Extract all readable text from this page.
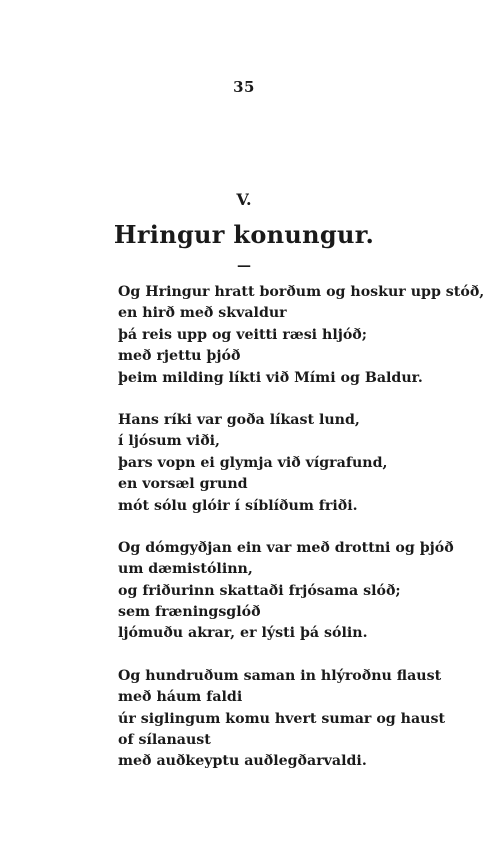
35
V.
Hringur konungur.
—
Og Hringur hratt borðum og hoskur upp stóð,
en hirð með skvaldur
þá reis upp og veitti ræsi hljóð;
með rjettu þjóð
þeim milding líkti við Mími og Baldur.
Hans ríki var goða líkast lund,
í ljósum viði,
þars vopn ei glymja við vígrafund,
en vorsæl grund
mót sólu glóir í síblíðum friði.
Og dómgyðjan ein var með drottni og þjóð
um dæmistólinn,
og friðurinn skattaði frjósama slóð;
sem fræningsglóð
ljómuðu akrar, er lýsti þá sólin.
Og hundruðum saman in hlýroðnu flaust
með háum faldi
úr siglingum komu hvert sumar og haust
of sílanaust
með auðkeyptu auðlegðarvaldi.
